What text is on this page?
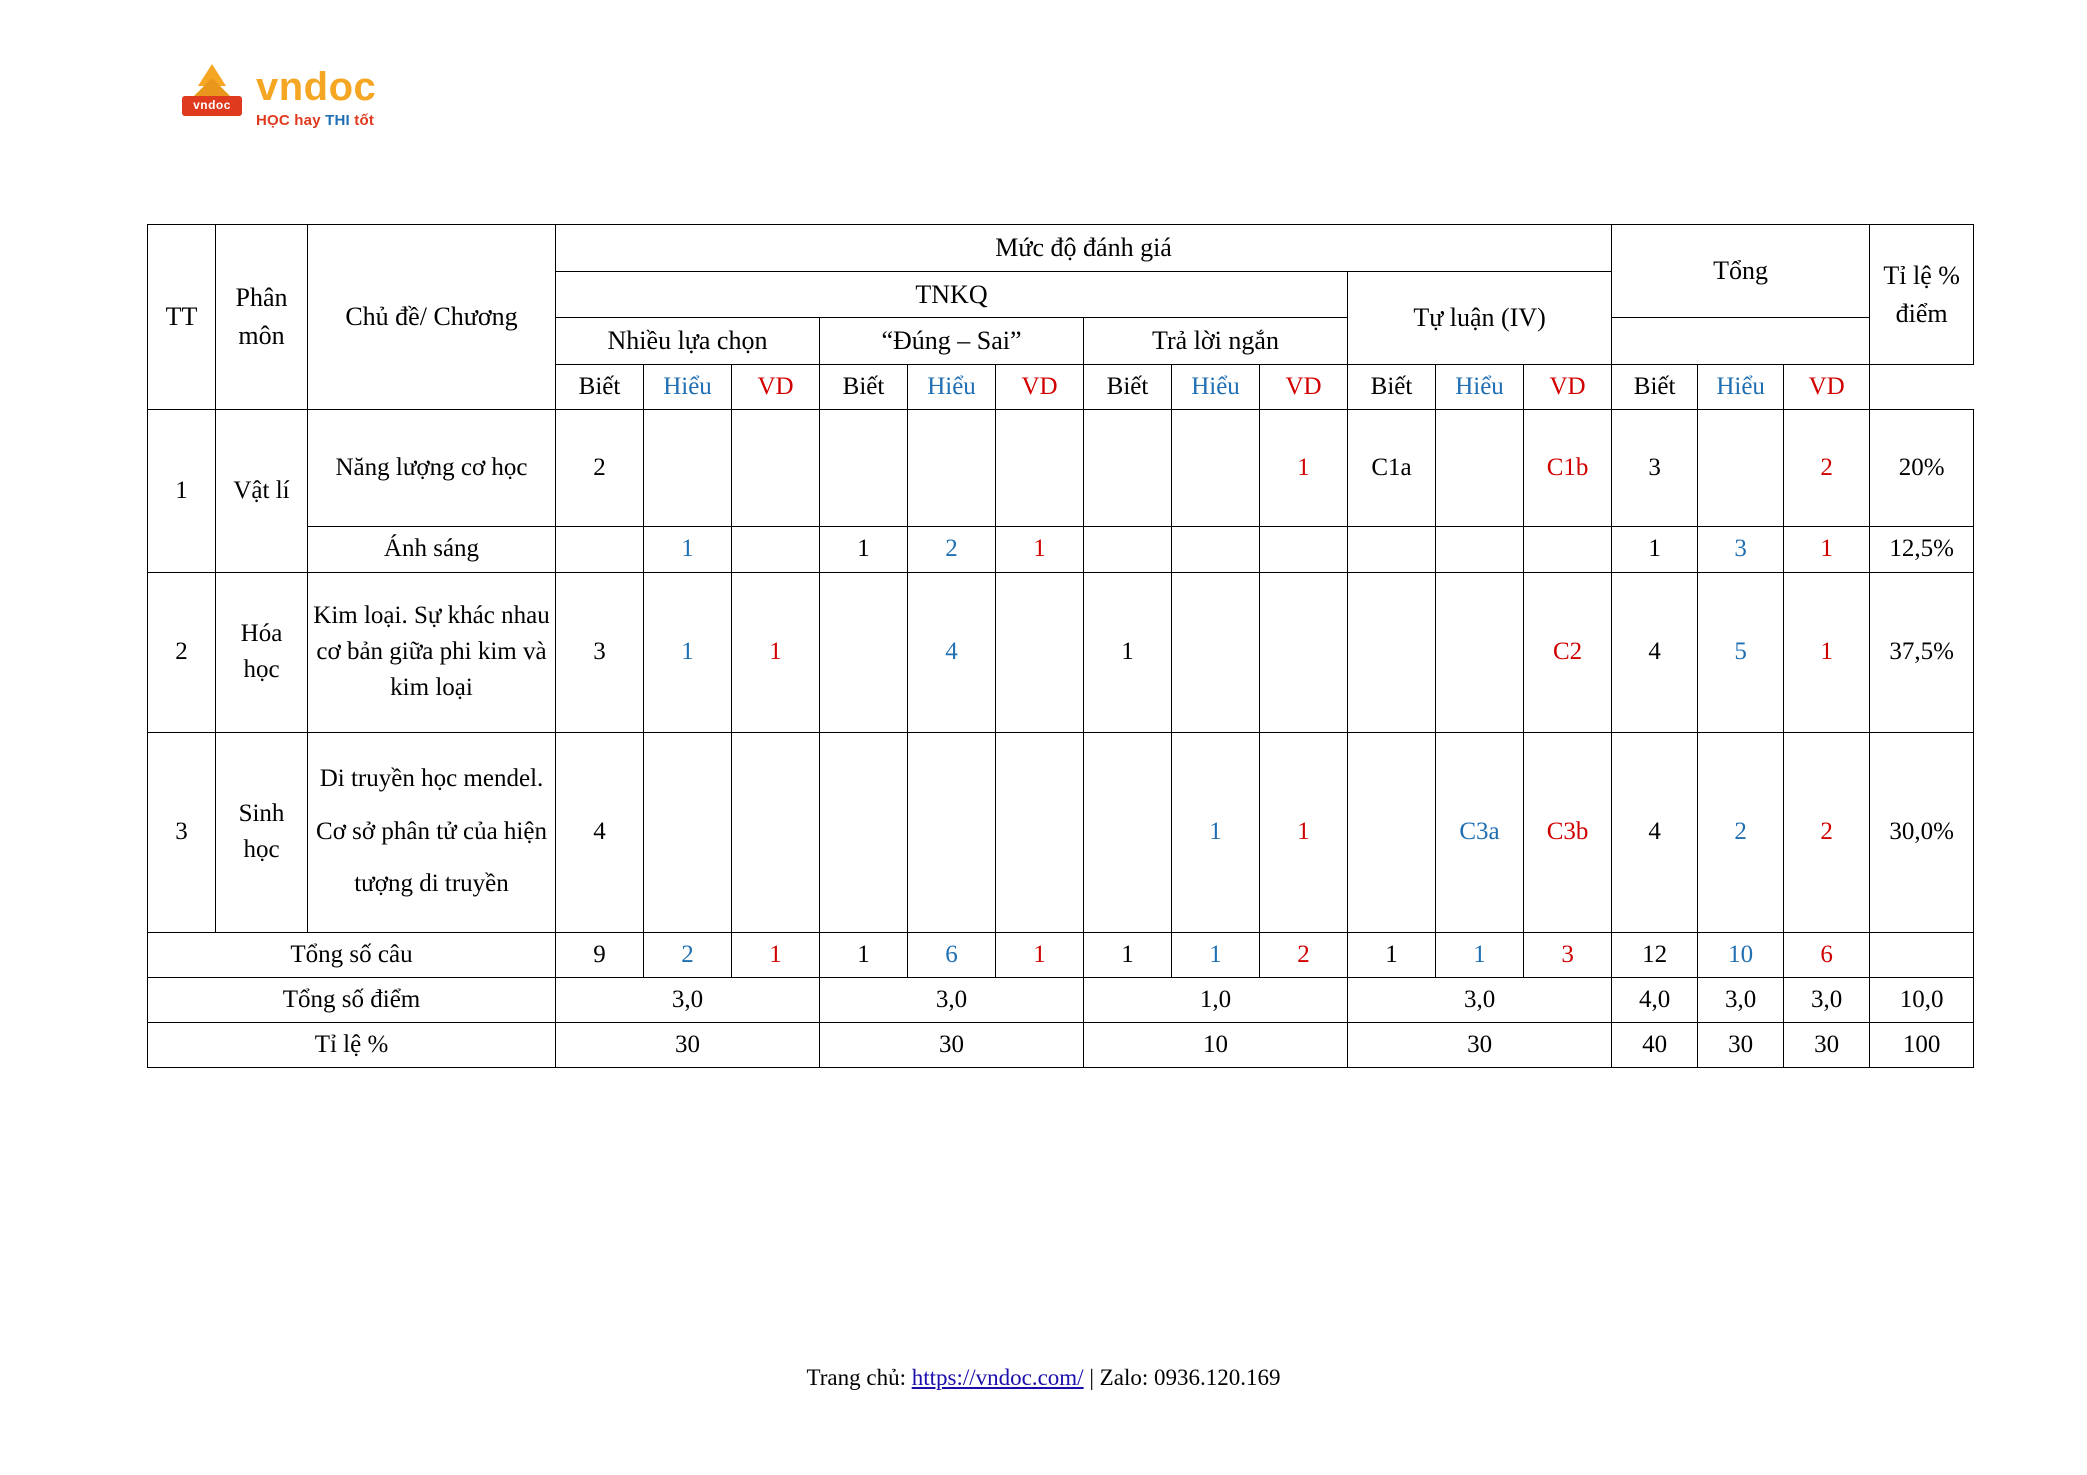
vndoc vndoc
HỌC hay THI tốt
TT	Phân môn	Chủ đề/ Chương	Mức độ đánh giá												Tổng			Tỉ lệ % điểm
			TNKQ									Tự luận (IV)						
			Nhiều lựa chọn			“Đúng – Sai”			Trả lời ngắn								
			Biết	Hiểu	VD	Biết	Hiểu	VD	Biết	Hiểu	VD	Biết	Hiểu	VD	Biết	Hiểu	VD	
1	Vật lí	Năng lượng cơ học	2								1	C1a		C1b	3		2	20%
		Ánh sáng		1		1	2	1							1	3	1	12,5%
2	Hóa học	Kim loại. Sự khác nhau cơ bản giữa phi kim và kim loại	3	1	1		4		1					C2	4	5	1	37,5%
3	Sinh học	Di truyền học mendel. Cơ sở phân tử của hiện tượng di truyền	4							1	1		C3a	C3b	4	2	2	30,0%
Tổng số câu			9	2	1	1	6	1	1	1	2	1	1	3	12	10	6	
Tổng số điểm			3,0			3,0			1,0			3,0			4,0	3,0	3,0	10,0
Tỉ lệ %			30			30			10			30			40	30	30	100
Trang chủ: https://vndoc.com/ | Zalo: 0936.120.169
